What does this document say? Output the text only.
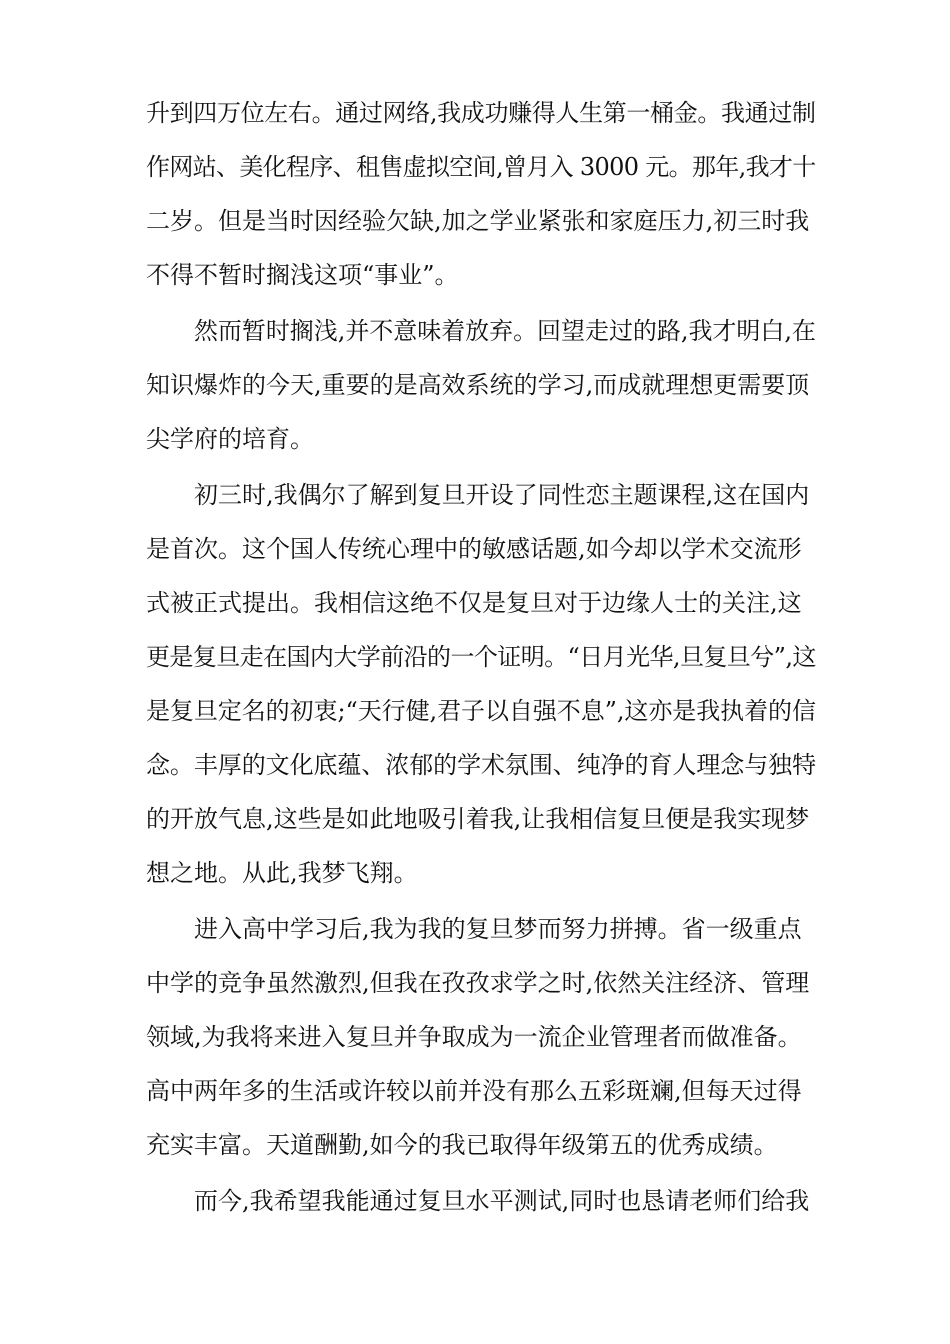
升到四万位左右。通过网络,我成功赚得人生第一桶金。我通过制
作网站、美化程序、租售虚拟空间,曾月入 3000 元。那年,我才十
二岁。但是当时因经验欠缺,加之学业紧张和家庭压力,初三时我
不得不暂时搁浅这项“事业”。
　　然而暂时搁浅,并不意味着放弃。回望走过的路,我才明白,在
知识爆炸的今天,重要的是高效系统的学习,而成就理想更需要顶
尖学府的培育。
　　初三时,我偶尔了解到复旦开设了同性恋主题课程,这在国内
是首次。这个国人传统心理中的敏感话题,如今却以学术交流形
式被正式提出。我相信这绝不仅是复旦对于边缘人士的关注,这
更是复旦走在国内大学前沿的一个证明。“日月光华,旦复旦兮”,这
是复旦定名的初衷;“天行健,君子以自强不息”,这亦是我执着的信
念。丰厚的文化底蕴、浓郁的学术氛围、纯净的育人理念与独特
的开放气息,这些是如此地吸引着我,让我相信复旦便是我实现梦
想之地。从此,我梦飞翔。
　　进入高中学习后,我为我的复旦梦而努力拼搏。省一级重点
中学的竞争虽然激烈,但我在孜孜求学之时,依然关注经济、管理
领域,为我将来进入复旦并争取成为一流企业管理者而做准备。
高中两年多的生活或许较以前并没有那么五彩斑斓,但每天过得
充实丰富。天道酬勤,如今的我已取得年级第五的优秀成绩。
　　而今,我希望我能通过复旦水平测试,同时也恳请老师们给我
